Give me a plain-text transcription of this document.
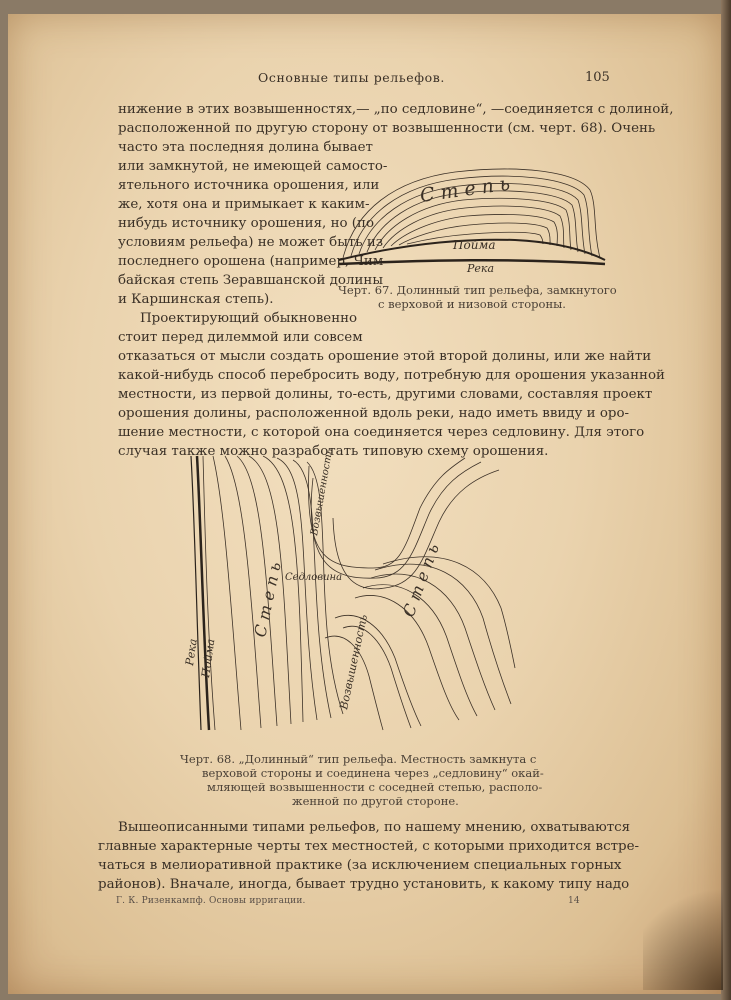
Основные типы рельефов.	105
нижение в этих возвышенностях,— „по седловине“, —соединяется с долиной,
расположенной по другую сторону от возвышенности (см. черт. 68). Очень
часто эта последняя долина бывает
или замкнутой, не имеющей самосто-
ятельного источника орошения, или
же, хотя она и примыкает к каким-
нибудь источнику орошения, но (по
условиям рельефа) не может быть из
последнего орошена (например, Чим-
байская степь Зеравшанской долины
и Каршинская степь).
Проектирующий обыкновенно
стоит перед дилеммой или совсем
отказаться от мысли создать орошение этой второй долины, или же найти
какой-нибудь способ перебросить воду, потребную для орошения указанной
местности, из первой долины, то-есть, другими словами, составляя проект
орошения долины, расположенной вдоль реки, надо иметь ввиду и оро-
шение местности, с которой она соединяется через седловину. Для этого
случая также можно разработать типовую схему орошения.
С т е п ь
Пойма
Река
Черт. 67. Долинный тип рельефа, замкнутого
с верховой и низовой стороны.
Возвышенность
Седловина
С т е п ь	С т е п ь
Возвышенность
Пойма
Река
Черт. 68. „Долинный“ тип рельефа. Местность замкнута с
верховой стороны и соединена через „седловину“ окай-
мляющей возвышенности с соседней степью, располо-
женной по другой стороне.
Вышеописанными типами рельефов, по нашему мнению, охватываются
главные характерные черты тех местностей, с которыми приходится встре-
чаться в мелиоративной практике (за исключением специальных горных
районов). Вначале, иногда, бывает трудно установить, к какому типу надо
Г. К. Ризенкампф. Основы ирригации.	14
